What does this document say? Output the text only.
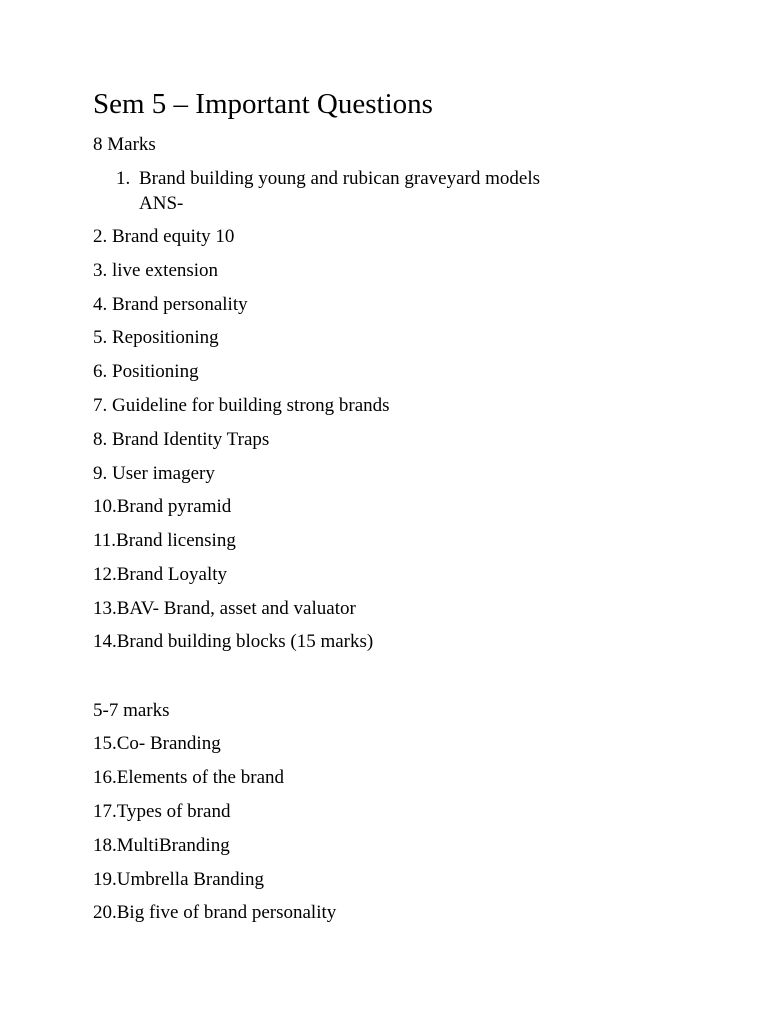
Sem 5 – Important Questions
8 Marks
1. Brand building young and rubican graveyard models
ANS-
2. Brand equity 10
3. live extension
4. Brand personality
5. Repositioning
6. Positioning
7. Guideline for building strong brands
8. Brand Identity Traps
9. User imagery
10.Brand pyramid
11.Brand licensing
12.Brand Loyalty
13.BAV- Brand, asset and valuator
14.Brand building blocks (15 marks)
5-7 marks
15.Co- Branding
16.Elements of the brand
17.Types of brand
18.MultiBranding
19.Umbrella Branding
20.Big five of brand personality
